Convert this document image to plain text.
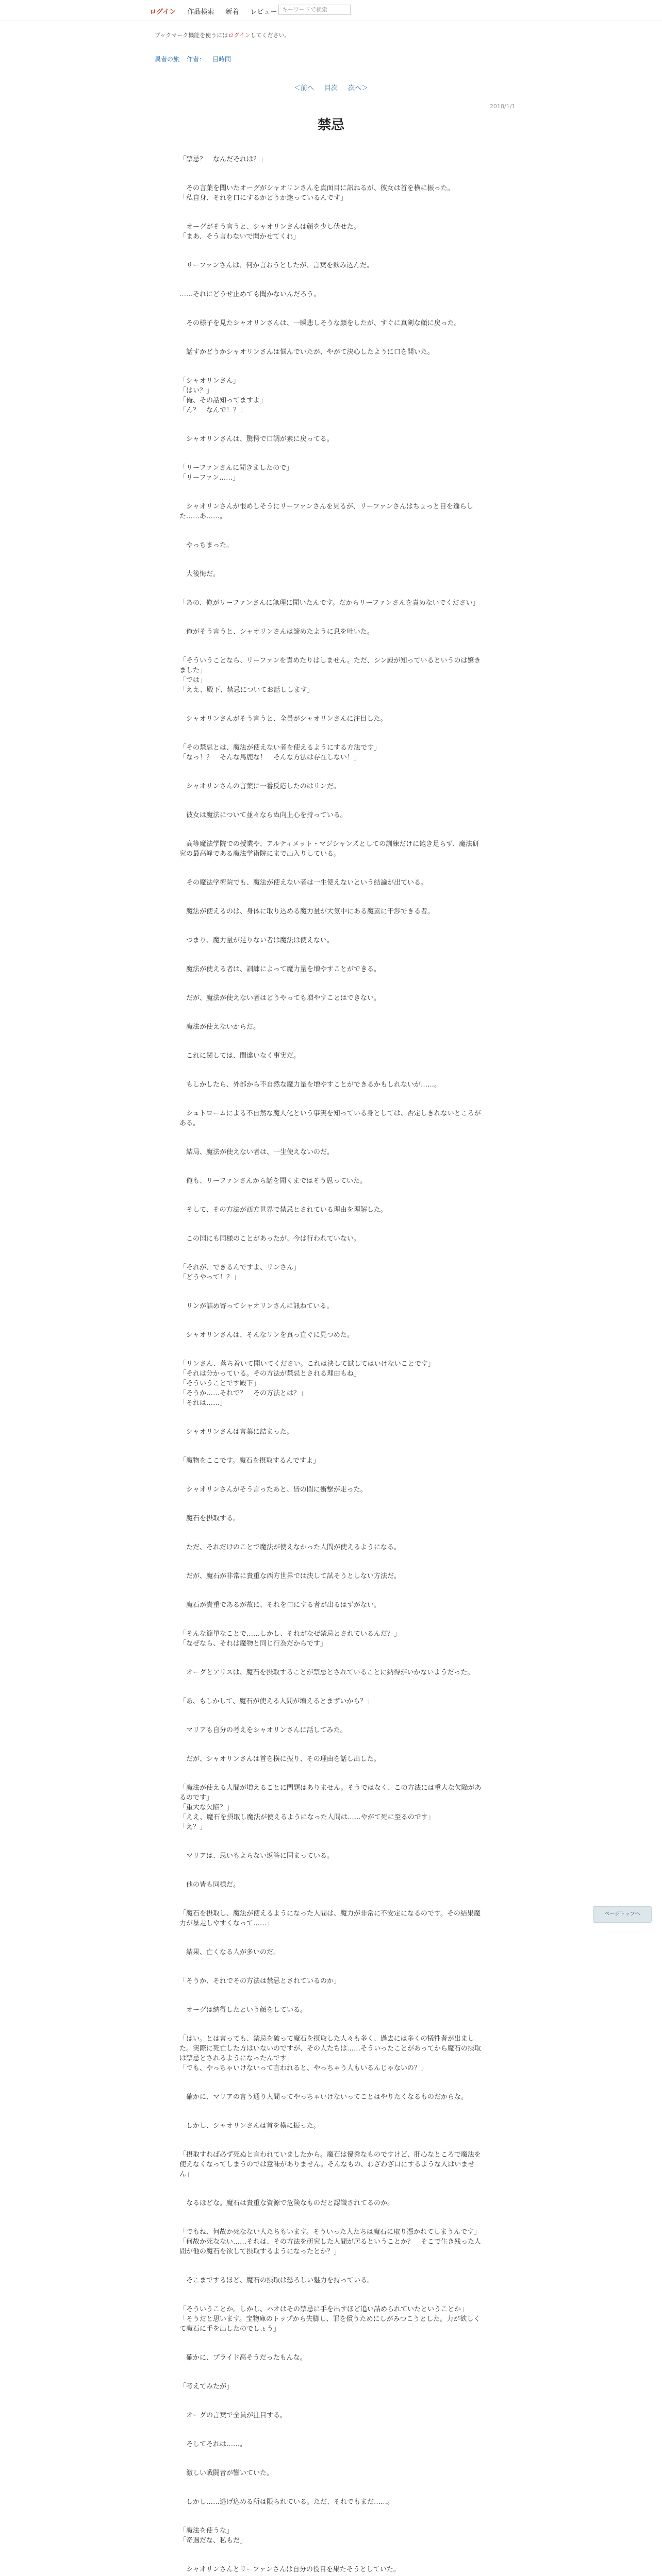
ログイン 作品検索 新着 レビュー キーワードで検索
ブックマーク機能を使うにはログインしてください。
異者の旅 作者： 目時間
＜前へ 目次 次へ＞
2018/1/1
禁忌

「禁忌？　なんだそれは？」

　その言葉を聞いたオーグがシャオリンさんを真面目に訊ねるが、彼女は首を横に振った。
「私自身、それを口にするかどうか迷っているんです」

　オーグがそう言うと、シャオリンさんは顔を少し伏せた。
「まあ、そう言わないで聞かせてくれ」

　リーファンさんは、何か言おうとしたが、言葉を飲み込んだ。

……それにどうせ止めても聞かないんだろう。

　その様子を見たシャオリンさんは、一瞬悲しそうな顔をしたが、すぐに真剣な顔に戻った。

　話すかどうかシャオリンさんは悩んでいたが、やがて決心したように口を開いた。

「シャオリンさん」
「はい？」
「俺、その話知ってますよ」
「ん？　なんで！？」

　シャオリンさんは、驚愕で口調が素に戻ってる。

「リーファンさんに聞きましたので」
「リーファン……」

　シャオリンさんが恨めしそうにリーファンさんを見るが、リーファンさんはちょっと目を逸らした……あ……。

　やっちまった。

　大後悔だ。

「あの、俺がリーファンさんに無理に聞いたんです。だからリーファンさんを責めないでください」

　俺がそう言うと、シャオリンさんは諦めたように息を吐いた。

「そういうことなら、リーファンを責めたりはしません。ただ、シン殿が知っているというのは驚きました」
「では」
「ええ、殿下、禁忌についてお話しします」

　シャオリンさんがそう言うと、全員がシャオリンさんに注目した。

「その禁忌とは、魔法が使えない者を使えるようにする方法です」
「なっ！？　そんな馬鹿な！　そんな方法は存在しない！」

　シャオリンさんの言葉に一番反応したのはリンだ。

　彼女は魔法について並々ならぬ向上心を持っている。

　高等魔法学院での授業や、アルティメット・マジシャンズとしての訓練だけに飽き足らず、魔法研究の最高峰である魔法学術院にまで出入りしている。

　その魔法学術院でも、魔法が使えない者は一生使えないという結論が出ている。

　魔法が使えるのは、身体に取り込める魔力量が大気中にある魔素に干渉できる者。

　つまり、魔力量が足りない者は魔法は使えない。

　魔法が使える者は、訓練によって魔力量を増やすことができる。

　だが、魔法が使えない者はどうやっても増やすことはできない。

　魔法が使えないからだ。

　これに関しては、間違いなく事実だ。

　もしかしたら、外部から不自然な魔力量を増やすことができるかもしれないが……。

　シュトロームによる不自然な魔人化という事実を知っている身としては、否定しきれないところがある。

　結局、魔法が使えない者は、一生使えないのだ。

　俺も、リーファンさんから話を聞くまではそう思っていた。

　そして、その方法が西方世界で禁忌とされている理由を理解した。

　この国にも同様のことがあったが、今は行われていない。

「それが、できるんですよ、リンさん」
「どうやって！？」

　リンが詰め寄ってシャオリンさんに訊ねている。

　シャオリンさんは、そんなリンを真っ直ぐに見つめた。

「リンさん、落ち着いて聞いてください。これは決して試してはいけないことです」
「それは分かっている。その方法が禁忌とされる理由もね」
「そういうことです殿下」
「そうか……それで？　その方法とは？」
「それは……」

　シャオリンさんは言葉に詰まった。

「魔物をここです。魔石を摂取するんですよ」

　シャオリンさんがそう言ったあと、皆の間に衝撃が走った。

　魔石を摂取する。

　ただ、それだけのことで魔法が使えなかった人間が使えるようになる。

　だが、魔石が非常に貴重な西方世界では決して試そうとしない方法だ。

　魔石が貴重であるが故に、それを口にする者が出るはずがない。

「そんな簡単なことで……しかし、それがなぜ禁忌とされているんだ？」
「なぜなら、それは魔物と同じ行為だからです」

　オーグとアリスは、魔石を摂取することが禁忌とされていることに納得がいかないようだった。

「あ、もしかして、魔石が使える人間が増えるとまずいから？」

　マリアも自分の考えをシャオリンさんに話してみた。

　だが、シャオリンさんは首を横に振り、その理由を話し出した。

「魔法が使える人間が増えることに問題はありません。そうではなく、この方法には重大な欠陥があるのです」
「重大な欠陥？」
「ええ、魔石を摂取し魔法が使えるようになった人間は……やがて死に至るのです」
「え？」

　マリアは、思いもよらない返答に固まっている。

　他の皆も同様だ。

「魔石を摂取し、魔法が使えるようになった人間は、魔力が非常に不安定になるのです。その結果魔力が暴走しやすくなって……」

　結果、亡くなる人が多いのだ。

「そうか、それでその方法は禁忌とされているのか」

　オーグは納得したという顔をしている。

「はい。とは言っても、禁忌を破って魔石を摂取した人々も多く、過去には多くの犠牲者が出ました。実際に死亡した方はいないのですが、その人たちは……そういったことがあってから魔石の摂取は禁忌とされるようになったんです」
「でも、やっちゃいけないって言われると、やっちゃう人もいるんじゃないの？」

　確かに、マリアの言う通り人間ってやっちゃいけないってことはやりたくなるものだからな。

　しかし、シャオリンさんは首を横に振った。

「摂取すれば必ず死ぬと言われていましたから。魔石は優秀なものですけど、肝心なところで魔法を使えなくなってしまうのでは意味がありません。そんなもの、わざわざ口にするような人はいません」

　なるほどな。魔石は貴重な資源で危険なものだと認識されてるのか。

「でもね、何故か死なない人たちもいます。そういった人たちは魔石に取り憑かれてしまうんです」
「何故か死なない……それは、その方法を研究した人間が居るということか？　そこで生き残った人間が他の魔石を欲して摂取するようになったとか？」

　そこまでするほど、魔石の摂取は恐ろしい魅力を持っている。

「そういうことか。しかし、ハオはその禁忌に手を出すほど追い詰められていたということか」
「そうだと思います。宝物庫のトップから失脚し、罪を償うためにしがみつこうとした。力が欲しくて魔石に手を出したのでしょう」

　確かに、プライド高そうだったもんな。

「考えてみたが」

　オーグの言葉で全員が注目する。

　そしてそれは……。

　激しい戦闘音が響いていた。

　しかし……逃げ込める所は限られている。ただ、それでもまだ……。

「魔法を使うな」
「奇遇だな、私もだ」

　シャオリンさんとリーファンさんは自分の役目を果たそうとしていた。

ページトップへ
